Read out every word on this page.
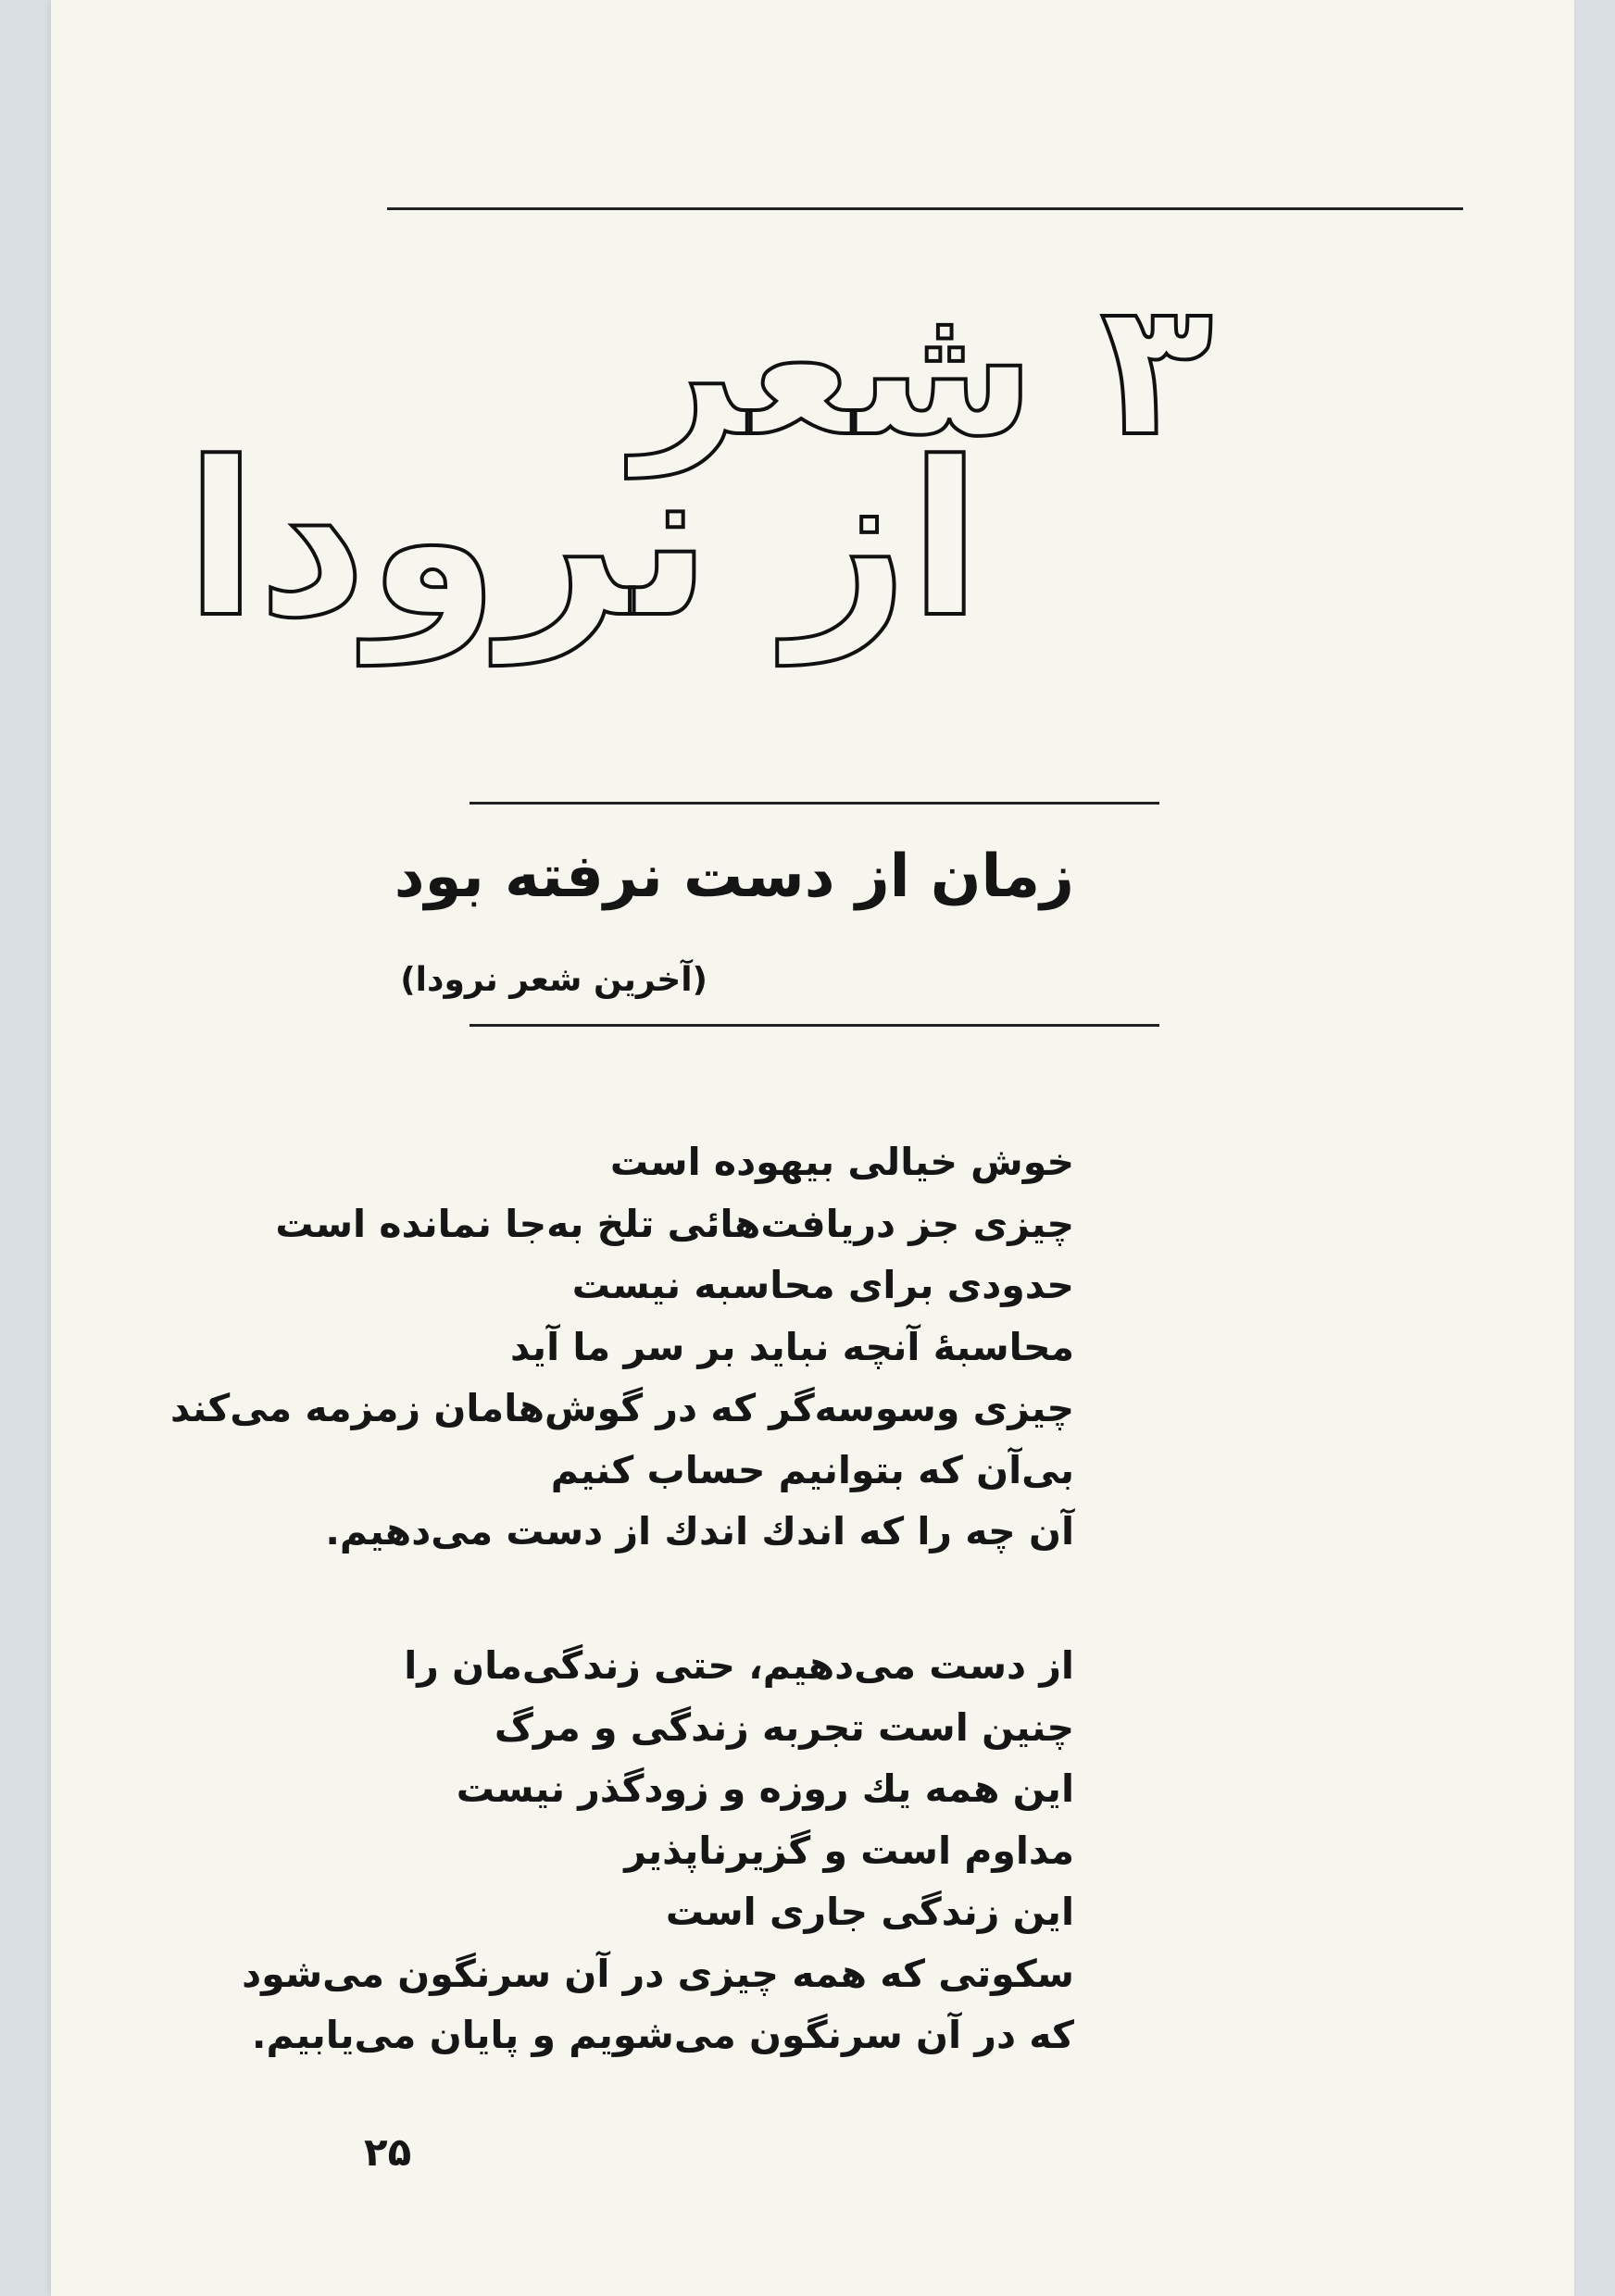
۳ شعر
از نرودا
زمان از دست نرفته بود
(آخرین شعر نرودا)
خوش خیالی بیهوده است
چیزی جز دریافت‌هائی تلخ به‌جا نمانده است
حدودی برای محاسبه نیست
محاسبهٔ آنچه نباید بر سر ما آید
چیزی وسوسه‌گر که در گوش‌هامان زمزمه می‌کند
بی‌آن که بتوانیم حساب کنیم
آن چه را که اندك اندك از دست می‌دهیم.
از دست می‌دهیم، حتی زندگی‌مان را
چنین است تجربه زندگی و مرگ
این همه یك روزه و زودگذر نیست
مداوم است و گزیرناپذیر
این زندگی جاری است
سکوتی که همه چیزی در آن سرنگون می‌شود
که در آن سرنگون می‌شویم و پایان می‌یابیم.
۲۵
